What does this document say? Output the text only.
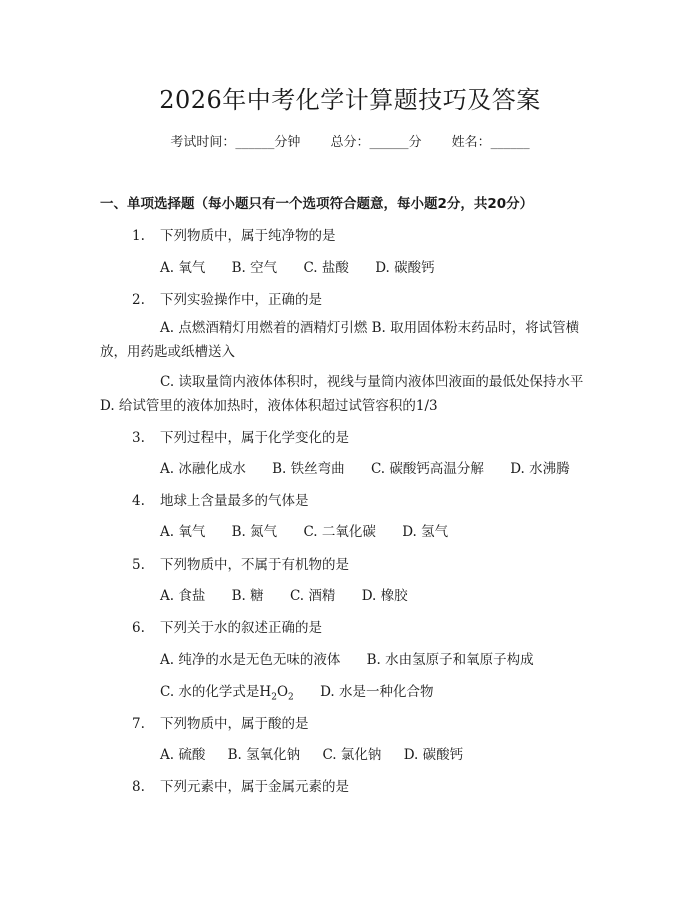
2026年中考化学计算题技巧及答案
考试时间：______分钟 总分：______分 姓名：______
一、单项选择题（每小题只有一个选项符合题意，每小题2分，共20分）
1. 下列物质中，属于纯净物的是
A. 氧气 B. 空气 C. 盐酸 D. 碳酸钙
2. 下列实验操作中，正确的是
A. 点燃酒精灯用燃着的酒精灯引燃 B. 取用固体粉末药品时，将试管横放，用药匙或纸槽送入
C. 读取量筒内液体体积时，视线与量筒内液体凹液面的最低处保持水平 D. 给试管里的液体加热时，液体体积超过试管容积的1/3
3. 下列过程中，属于化学变化的是
A. 冰融化成水 B. 铁丝弯曲 C. 碳酸钙高温分解 D. 水沸腾
4. 地球上含量最多的气体是
A. 氧气 B. 氮气 C. 二氧化碳 D. 氢气
5. 下列物质中，不属于有机物的是
A. 食盐 B. 糖 C. 酒精 D. 橡胶
6. 下列关于水的叙述正确的是
A. 纯净的水是无色无味的液体 B. 水由氢原子和氧原子构成
C. 水的化学式是$H_2O_2$ D. 水是一种化合物
7. 下列物质中，属于酸的是
A. 硫酸 B. 氢氧化钠 C. 氯化钠 D. 碳酸钙
8. 下列元素中，属于金属元素的是
